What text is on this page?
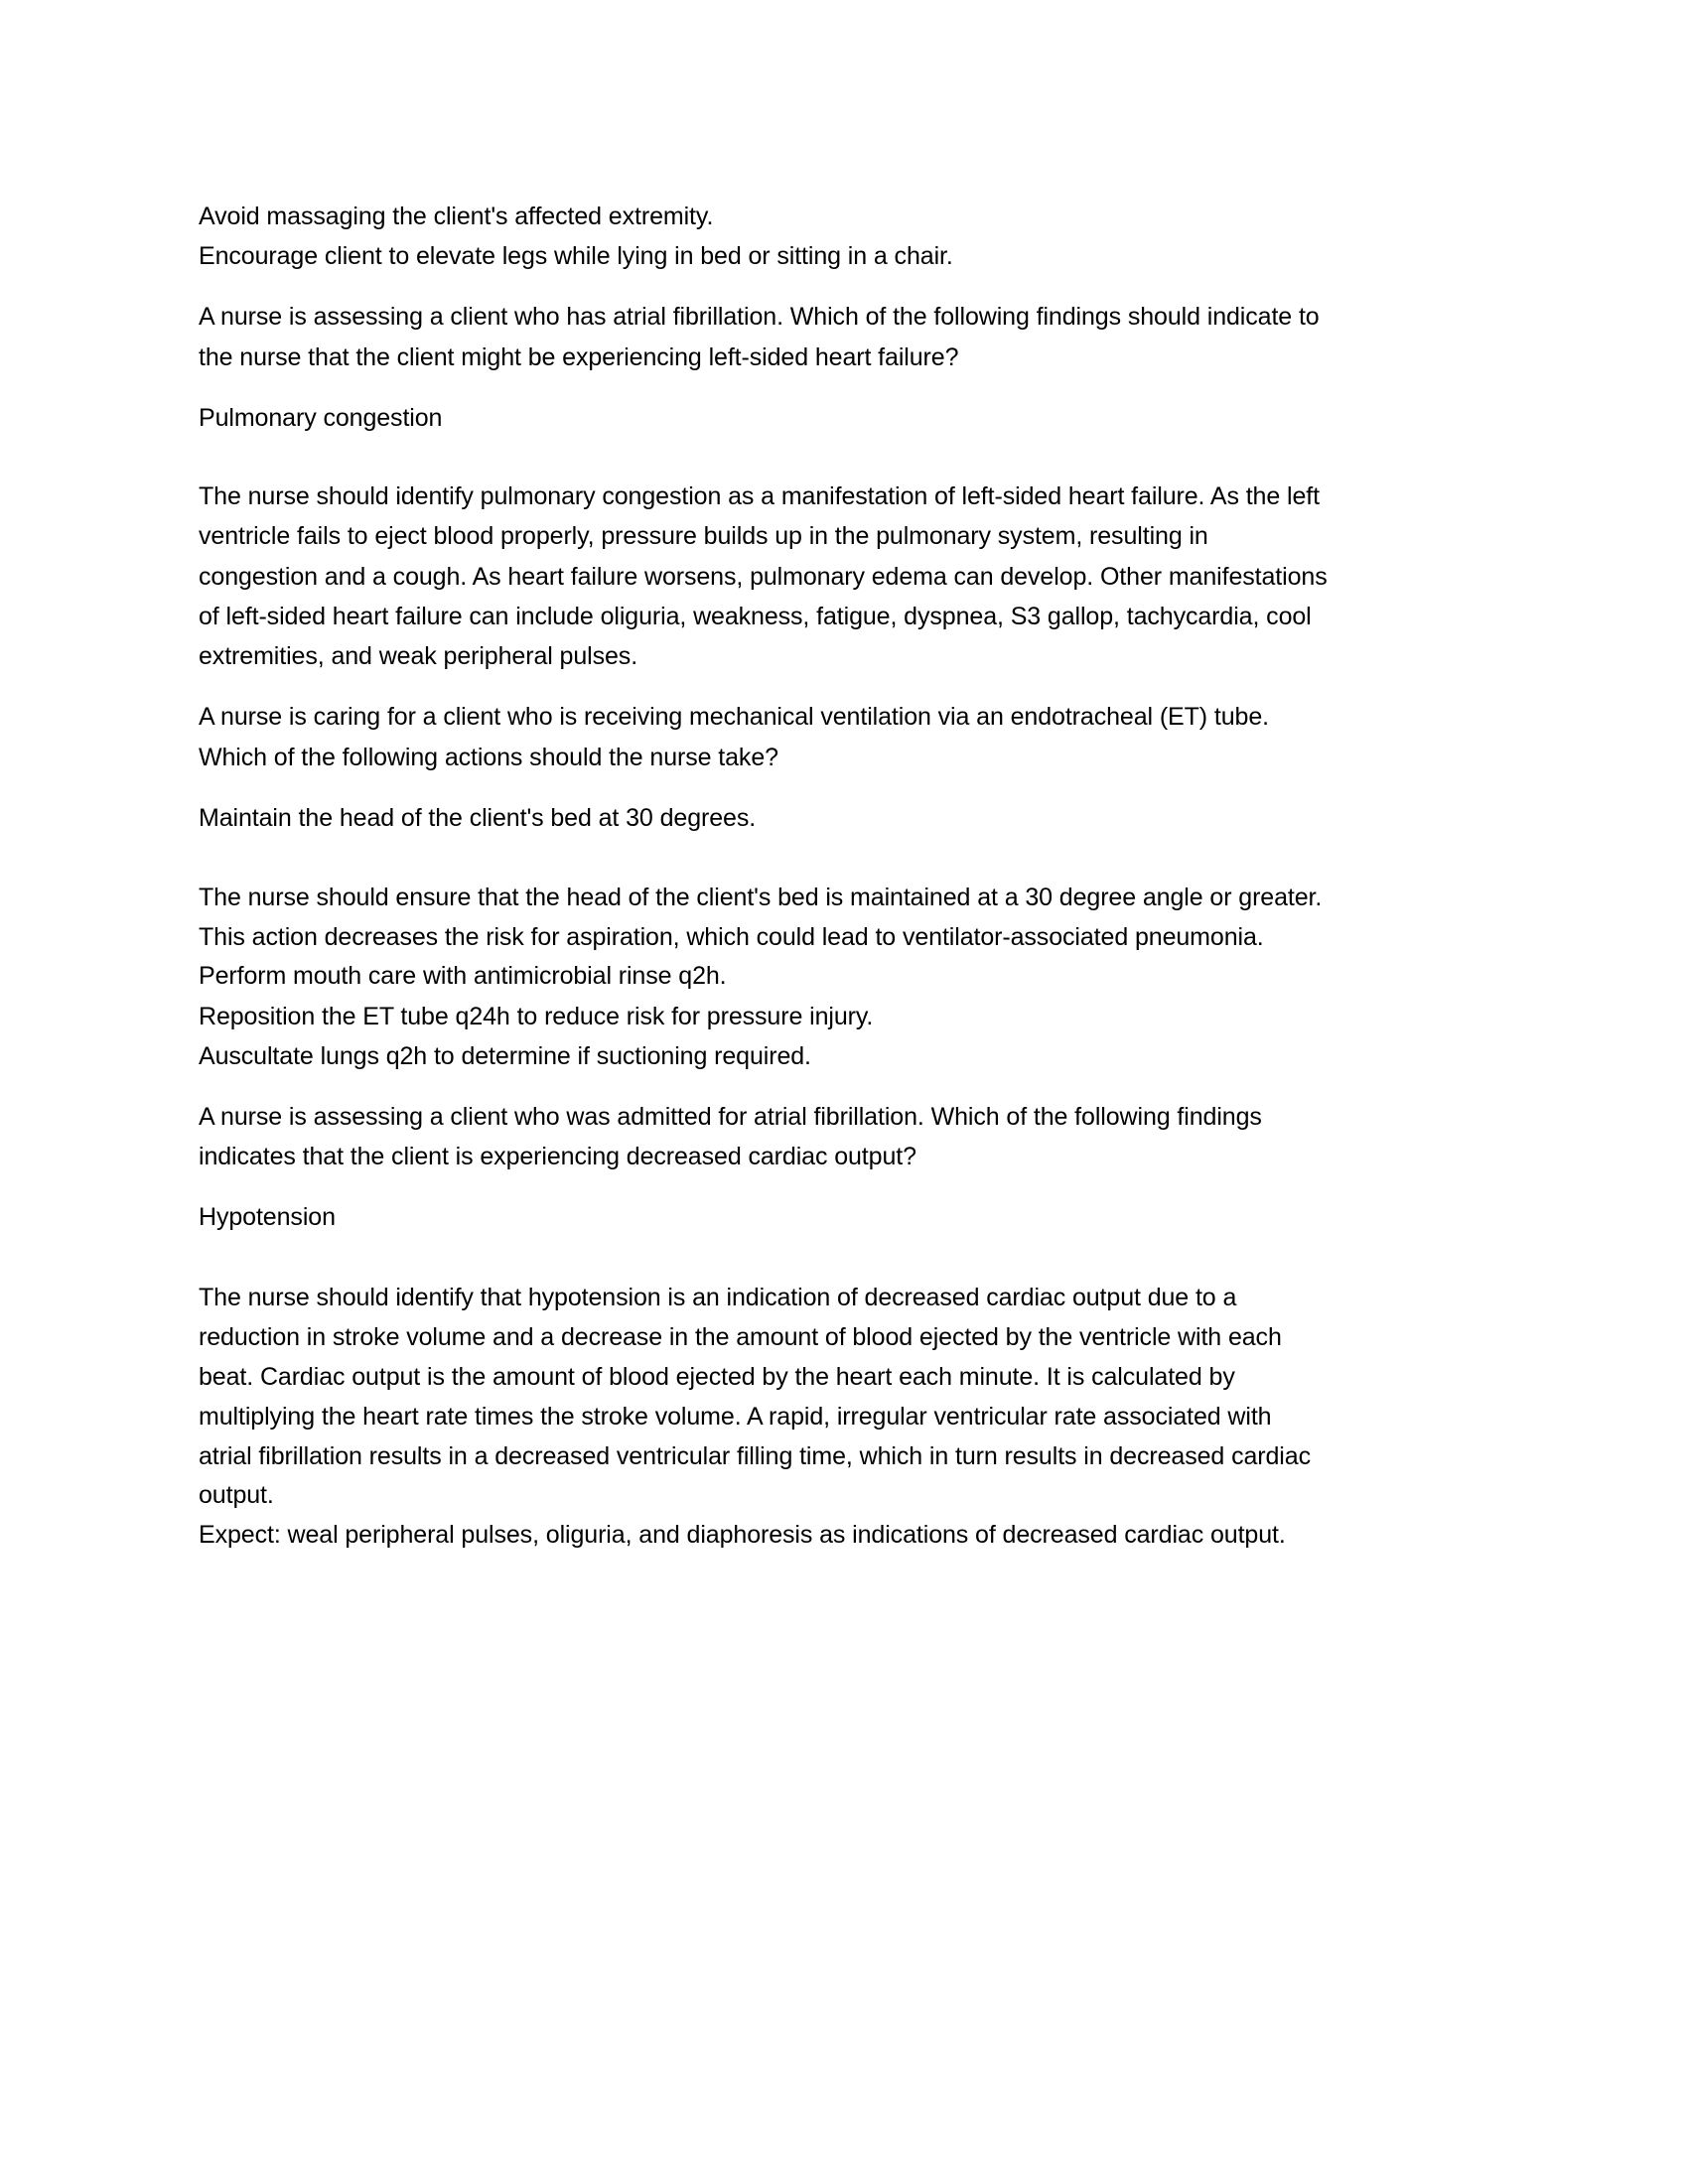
Avoid massaging the client's affected extremity.
Encourage client to elevate legs while lying in bed or sitting in a chair.
A nurse is assessing a client who has atrial fibrillation. Which of the following findings should indicate to
the nurse that the client might be experiencing left-sided heart failure?
Pulmonary congestion
The nurse should identify pulmonary congestion as a manifestation of left-sided heart failure. As the left
ventricle fails to eject blood properly, pressure builds up in the pulmonary system, resulting in
congestion and a cough. As heart failure worsens, pulmonary edema can develop. Other manifestations
of left-sided heart failure can include oliguria, weakness, fatigue, dyspnea, S3 gallop, tachycardia, cool
extremities, and weak peripheral pulses.
A nurse is caring for a client who is receiving mechanical ventilation via an endotracheal (ET) tube.
Which of the following actions should the nurse take?
Maintain the head of the client's bed at 30 degrees.
The nurse should ensure that the head of the client's bed is maintained at a 30 degree angle or greater.
This action decreases the risk for aspiration, which could lead to ventilator-associated pneumonia.
Perform mouth care with antimicrobial rinse q2h.
Reposition the ET tube q24h to reduce risk for pressure injury.
Auscultate lungs q2h to determine if suctioning required.
A nurse is assessing a client who was admitted for atrial fibrillation. Which of the following findings
indicates that the client is experiencing decreased cardiac output?
Hypotension
The nurse should identify that hypotension is an indication of decreased cardiac output due to a
reduction in stroke volume and a decrease in the amount of blood ejected by the ventricle with each
beat. Cardiac output is the amount of blood ejected by the heart each minute. It is calculated by
multiplying the heart rate times the stroke volume. A rapid, irregular ventricular rate associated with
atrial fibrillation results in a decreased ventricular filling time, which in turn results in decreased cardiac
output.
Expect: weal peripheral pulses, oliguria, and diaphoresis as indications of decreased cardiac output.
